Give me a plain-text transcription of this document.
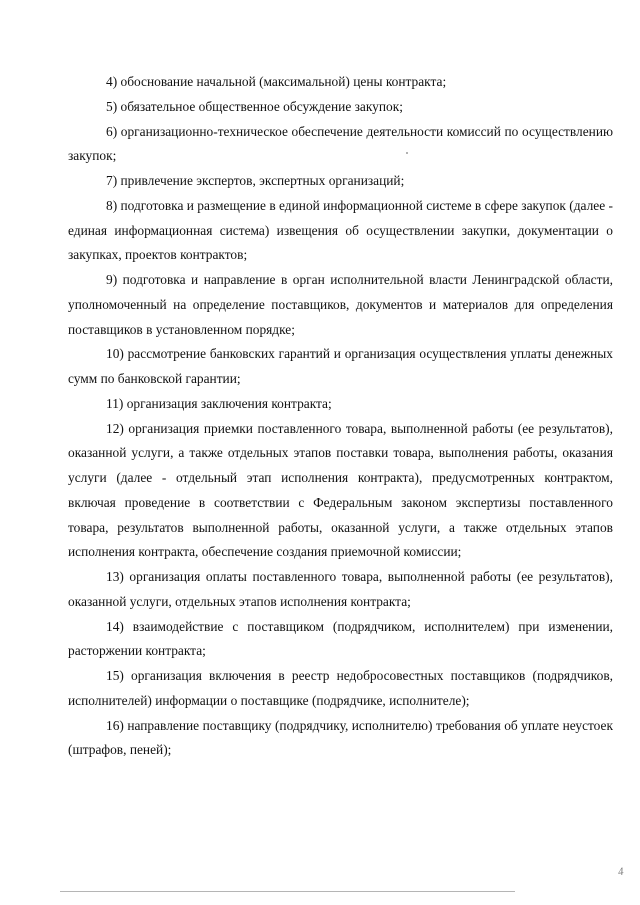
4) обоснование начальной (максимальной) цены контракта;

5) обязательное общественное обсуждение закупок;

6) организационно-техническое обеспечение деятельности комиссий по осуществлению закупок;

7) привлечение экспертов, экспертных организаций;

8) подготовка и размещение в единой информационной системе в сфере закупок (далее - единая информационная система) извещения об осуществлении закупки, документации о закупках, проектов контрактов;

9) подготовка и направление в орган исполнительной власти Ленинградской области, уполномоченный на определение поставщиков, документов и материалов для определения поставщиков в установленном порядке;

10) рассмотрение банковских гарантий и организация осуществления уплаты денежных сумм по банковской гарантии;

11) организация заключения контракта;

12) организация приемки поставленного товара, выполненной работы (ее результатов), оказанной услуги, а также отдельных этапов поставки товара, выполнения работы, оказания услуги (далее - отдельный этап исполнения контракта), предусмотренных контрактом, включая проведение в соответствии с Федеральным законом экспертизы поставленного товара, результатов выполненной работы, оказанной услуги, а также отдельных этапов исполнения контракта, обеспечение создания приемочной комиссии;

13) организация оплаты поставленного товара, выполненной работы (ее результатов), оказанной услуги, отдельных этапов исполнения контракта;

14) взаимодействие с поставщиком (подрядчиком, исполнителем) при изменении, расторжении контракта;

15) организация включения в реестр недобросовестных поставщиков (подрядчиков, исполнителей) информации о поставщике (подрядчике, исполнителе);

16) направление поставщику (подрядчику, исполнителю) требования об уплате неустоек (штрафов, пеней);

4
